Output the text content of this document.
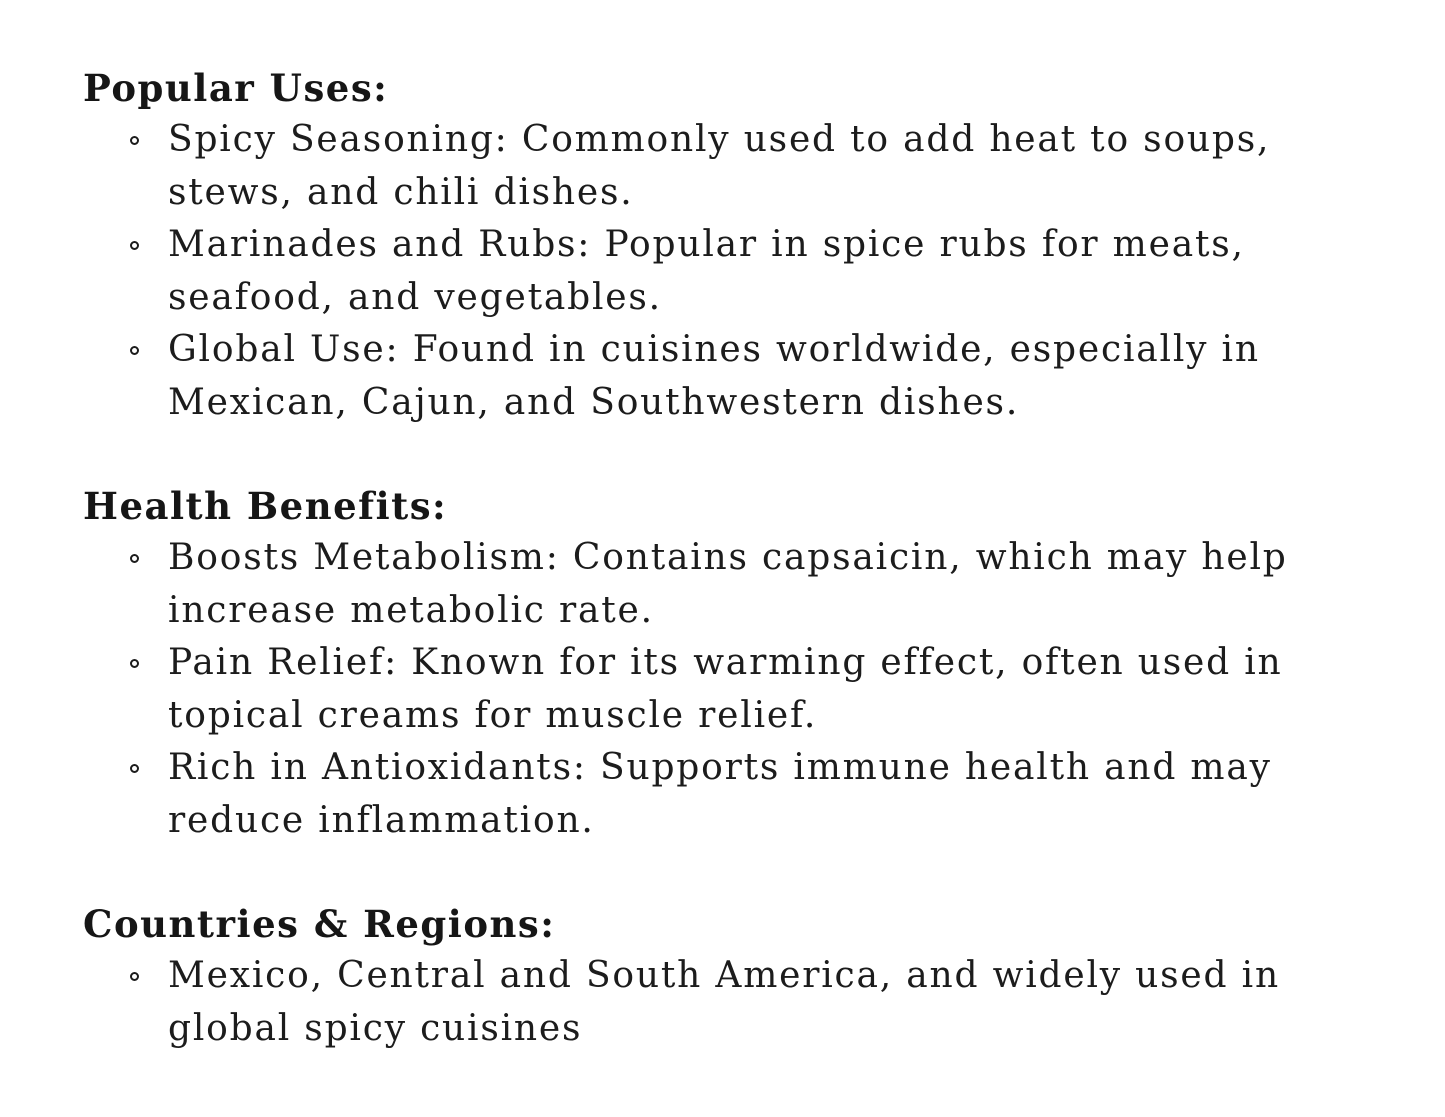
Popular Uses:
Spicy Seasoning: Commonly used to add heat to soups, stews, and chili dishes.
Marinades and Rubs: Popular in spice rubs for meats, seafood, and vegetables.
Global Use: Found in cuisines worldwide, especially in Mexican, Cajun, and Southwestern dishes.
Health Benefits:
Boosts Metabolism: Contains capsaicin, which may help increase metabolic rate.
Pain Relief: Known for its warming effect, often used in topical creams for muscle relief.
Rich in Antioxidants: Supports immune health and may reduce inflammation.
Countries & Regions:
Mexico, Central and South America, and widely used in global spicy cuisines
